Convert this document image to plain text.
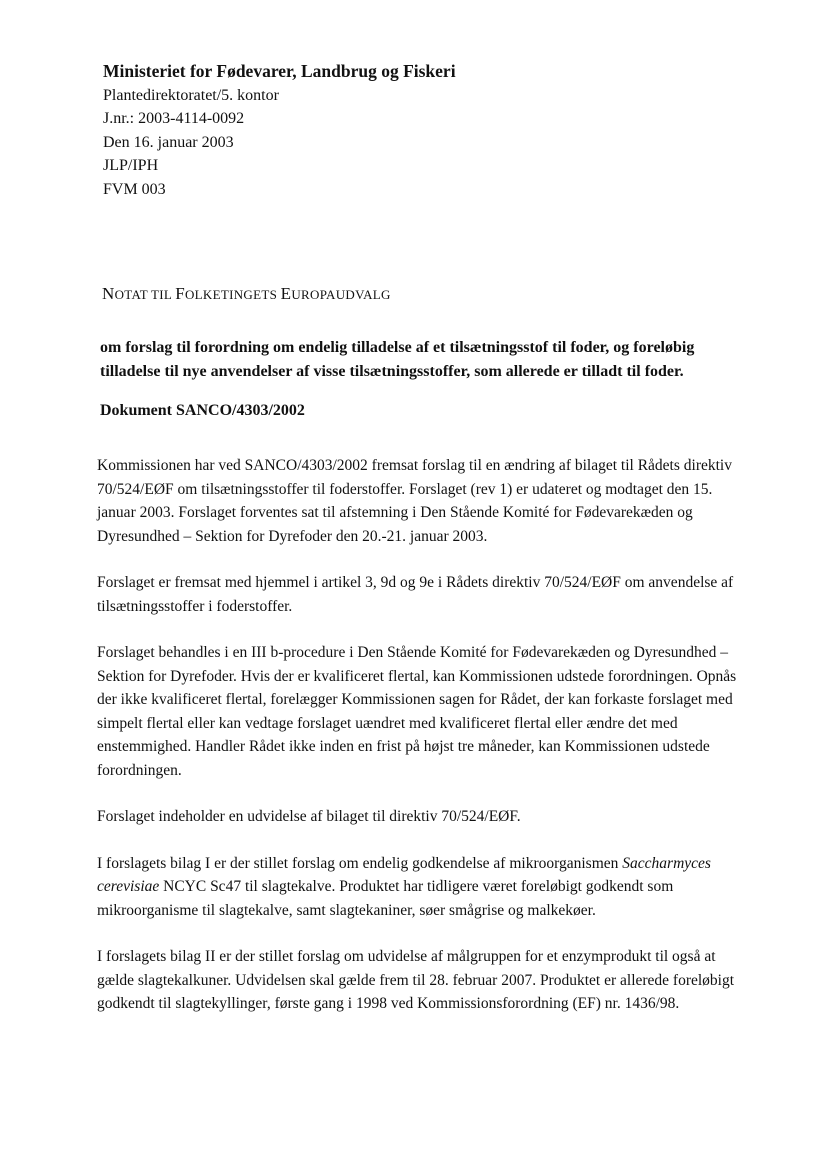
Ministeriet for Fødevarer, Landbrug og Fiskeri
Plantedirektoratet/5. kontor
J.nr.: 2003-4114-0092
Den 16. januar 2003
JLP/IPH
FVM 003
NOTAT TIL FOLKETINGETS EUROPAUDVALG
om forslag til forordning om endelig tilladelse af et tilsætningsstof til foder, og foreløbig
tilladelse til nye anvendelser af visse tilsætningsstoffer, som allerede er tilladt til foder.
Dokument SANCO/4303/2002

Kommissionen har ved SANCO/4303/2002 fremsat forslag til en ændring af bilaget til Rådets direktiv 70/524/EØF om tilsætningsstoffer til foderstoffer. Forslaget (rev 1) er udateret og modtaget den 15. januar 2003. Forslaget forventes sat til afstemning i Den Stående Komité for Fødevarekæden og Dyresundhed – Sektion for Dyrefoder den 20.-21. januar 2003.

Forslaget er fremsat med hjemmel i artikel 3, 9d og 9e i Rådets direktiv 70/524/EØF om anvendelse af tilsætningsstoffer i foderstoffer.

Forslaget behandles i en III b-procedure i Den Stående Komité for Fødevarekæden og Dyresundhed – Sektion for Dyrefoder. Hvis der er kvalificeret flertal, kan Kommissionen udstede forordningen. Opnås der ikke kvalificeret flertal, forelægger Kommissionen sagen for Rådet, der kan forkaste forslaget med simpelt flertal eller kan vedtage forslaget uændret med kvalificeret flertal eller ændre det med enstemmighed. Handler Rådet ikke inden en frist på højst tre måneder, kan Kommissionen udstede forordningen.

Forslaget indeholder en udvidelse af bilaget til direktiv 70/524/EØF.

I forslagets bilag I er der stillet forslag om endelig godkendelse af mikroorganismen Saccharmyces cerevisiae NCYC Sc47 til slagtekalve. Produktet har tidligere været foreløbigt godkendt som mikroorganisme til slagtekalve, samt slagtekaniner, søer smågrise og malkekøer.

I forslagets bilag II er der stillet forslag om udvidelse af målgruppen for et enzymprodukt til også at gælde slagtekalkuner. Udvidelsen skal gælde frem til 28. februar 2007. Produktet er allerede foreløbigt godkendt til slagtekyllinger, første gang i 1998 ved Kommissionsforordning (EF) nr. 1436/98.
